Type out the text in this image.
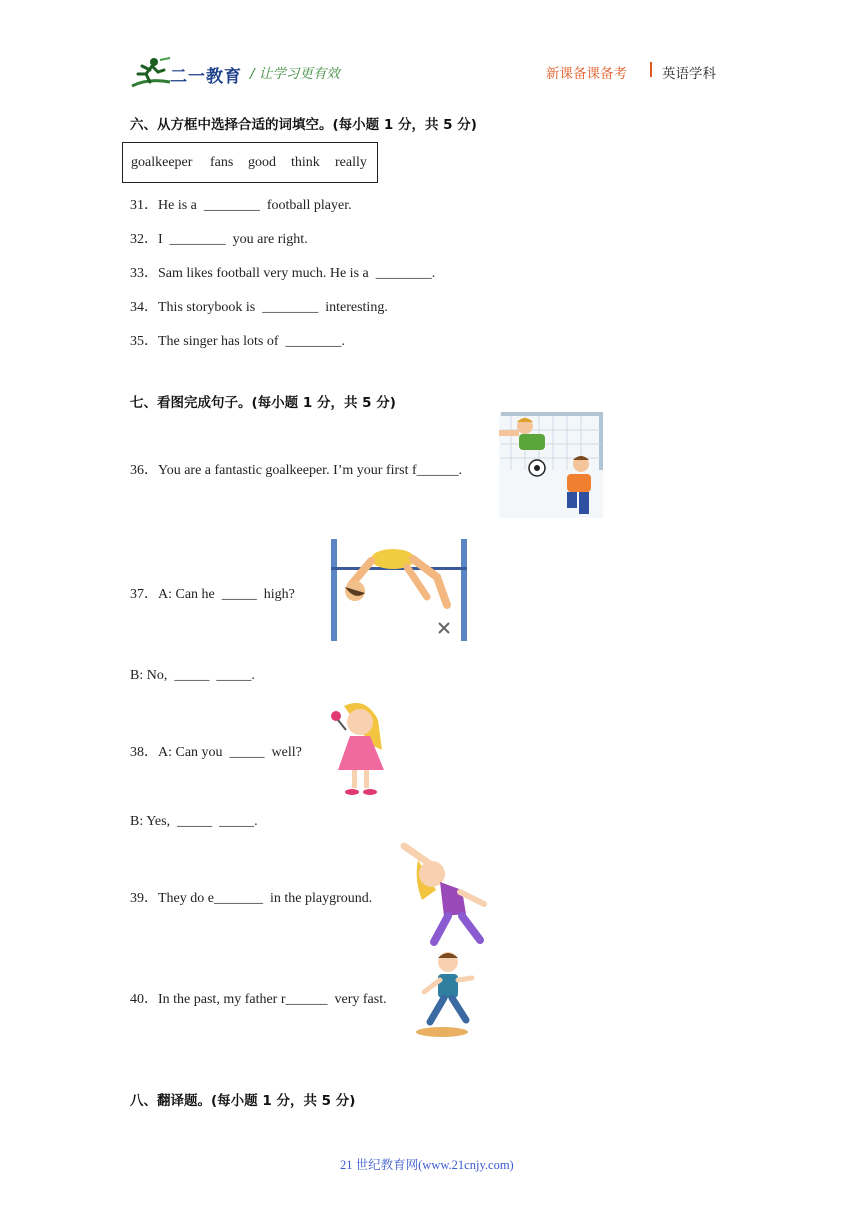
二一教育 / 让学习更有效	新课备课备考	英语学科
六、从方框中选择合适的词填空。(每小题 1 分，共 5 分)
goalkeeper fans good think really
31．He is a  ________  football player.
32．I  ________  you are right.
33．Sam likes football very much. He is a  ________.
34．This storybook is  ________  interesting.
35．The singer has lots of  ________.
七、看图完成句子。(每小题 1 分，共 5 分)
36．You are a fantastic goalkeeper. I’m your first f______.
37．A: Can he  _____  high?
B: No,  _____  _____.
38．A: Can you  _____  well?
B: Yes,  _____  _____.
39．They do e_______  in the playground.
40．In the past, my father r______  very fast.
八、翻译题。(每小题 1 分，共 5 分)
21 世纪教育网(www.21cnjy.com)
